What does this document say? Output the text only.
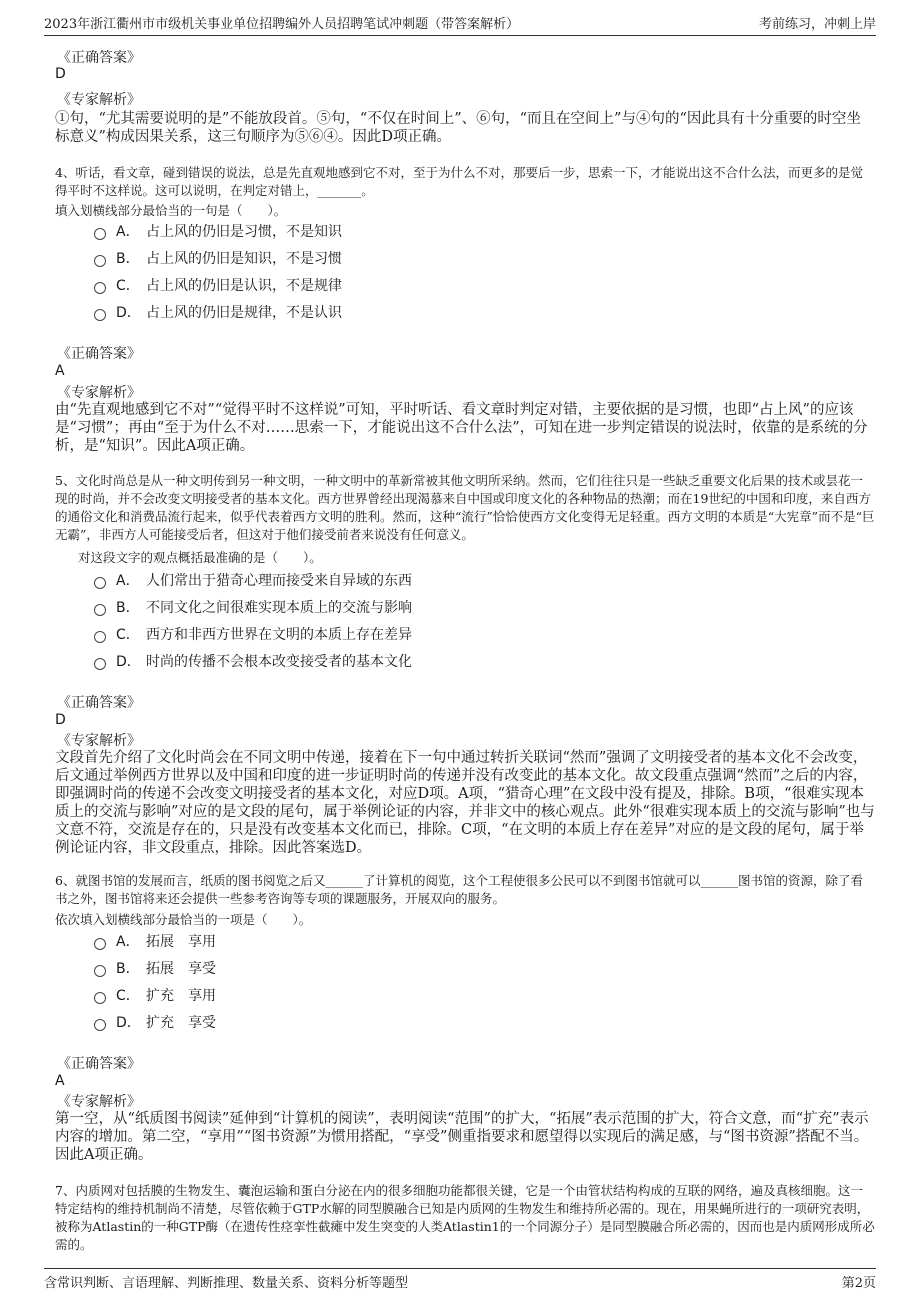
2023年浙江衢州市市级机关事业单位招聘编外人员招聘笔试冲刺题（带答案解析）	考前练习，冲刺上岸
《正确答案》
D
《专家解析》
①句，“尤其需要说明的是”不能放段首。⑤句，“不仅在时间上”、⑥句，“而且在空间上”与④句的“因此具有十分重要的时空坐标意义”构成因果关系，这三句顺序为⑤⑥④。因此D项正确。
4、听话，看文章，碰到错误的说法，总是先直观地感到它不对，至于为什么不对，那要后一步，思索一下，才能说出这不合什么法，而更多的是觉得平时不这样说。这可以说明，在判定对错上，_______。
填入划横线部分最恰当的一句是（　　）。
A． 占上风的仍旧是习惯，不是知识
B． 占上风的仍旧是知识，不是习惯
C． 占上风的仍旧是认识，不是规律
D． 占上风的仍旧是规律，不是认识
《正确答案》
A
《专家解析》
由“先直观地感到它不对”“觉得平时不这样说”可知，平时听话、看文章时判定对错，主要依据的是习惯，也即“占上风”的应该是“习惯”；再由“至于为什么不对……思索一下，才能说出这不合什么法”，可知在进一步判定错误的说法时，依靠的是系统的分析，是“知识”。因此A项正确。
5、文化时尚总是从一种文明传到另一种文明，一种文明中的革新常被其他文明所采纳。然而，它们往往只是一些缺乏重要文化后果的技术或昙花一现的时尚，并不会改变文明接受者的基本文化。西方世界曾经出现渴慕来自中国或印度文化的各种物品的热潮；而在19世纪的中国和印度，来自西方的通俗文化和消费品流行起来，似乎代表着西方文明的胜利。然而，这种“流行”恰恰使西方文化变得无足轻重。西方文明的本质是“大宪章”而不是“巨无霸”，非西方人可能接受后者，但这对于他们接受前者来说没有任何意义。
对这段文字的观点概括最准确的是（　　）。
A． 人们常出于猎奇心理而接受来自异域的东西
B． 不同文化之间很难实现本质上的交流与影响
C． 西方和非西方世界在文明的本质上存在差异
D． 时尚的传播不会根本改变接受者的基本文化
《正确答案》
D
《专家解析》
文段首先介绍了文化时尚会在不同文明中传递，接着在下一句中通过转折关联词“然而”强调了文明接受者的基本文化不会改变，后文通过举例西方世界以及中国和印度的进一步证明时尚的传递并没有改变此的基本文化。故文段重点强调“然而”之后的内容，即强调时尚的传递不会改变文明接受者的基本文化，对应D项。A项，“猎奇心理”在文段中没有提及，排除。B项，“很难实现本质上的交流与影响”对应的是文段的尾句，属于举例论证的内容，并非文中的核心观点。此外“很难实现本质上的交流与影响”也与文意不符，交流是存在的，只是没有改变基本文化而已，排除。C项，“在文明的本质上存在差异”对应的是文段的尾句，属于举例论证内容，非文段重点，排除。因此答案选D。
6、就图书馆的发展而言，纸质的图书阅览之后又______了计算机的阅览，这个工程使很多公民可以不到图书馆就可以______图书馆的资源，除了看书之外，图书馆将来还会提供一些参考咨询等专项的课题服务，开展双向的服务。
依次填入划横线部分最恰当的一项是（　　）。
A． 拓展　享用
B． 拓展　享受
C． 扩充　享用
D． 扩充　享受
《正确答案》
A
《专家解析》
第一空，从“纸质图书阅读”延伸到“计算机的阅读”，表明阅读“范围”的扩大，“拓展”表示范围的扩大，符合文意，而“扩充”表示内容的增加。第二空，“享用”“图书资源”为惯用搭配，“享受”侧重指要求和愿望得以实现后的满足感，与“图书资源”搭配不当。因此A项正确。
7、内质网对包括膜的生物发生、囊泡运输和蛋白分泌在内的很多细胞功能都很关键，它是一个由管状结构构成的互联的网络，遍及真核细胞。这一特定结构的维持机制尚不清楚，尽管依赖于GTP水解的同型膜融合已知是内质网的生物发生和维持所必需的。现在，用果蝇所进行的一项研究表明，被称为Atlastin的一种GTP酶（在遗传性痉挛性截瘫中发生突变的人类Atlastin1的一个同源分子）是同型膜融合所必需的，因而也是内质网形成所必需的。
含常识判断、言语理解、判断推理、数量关系、资料分析等题型	第2页
